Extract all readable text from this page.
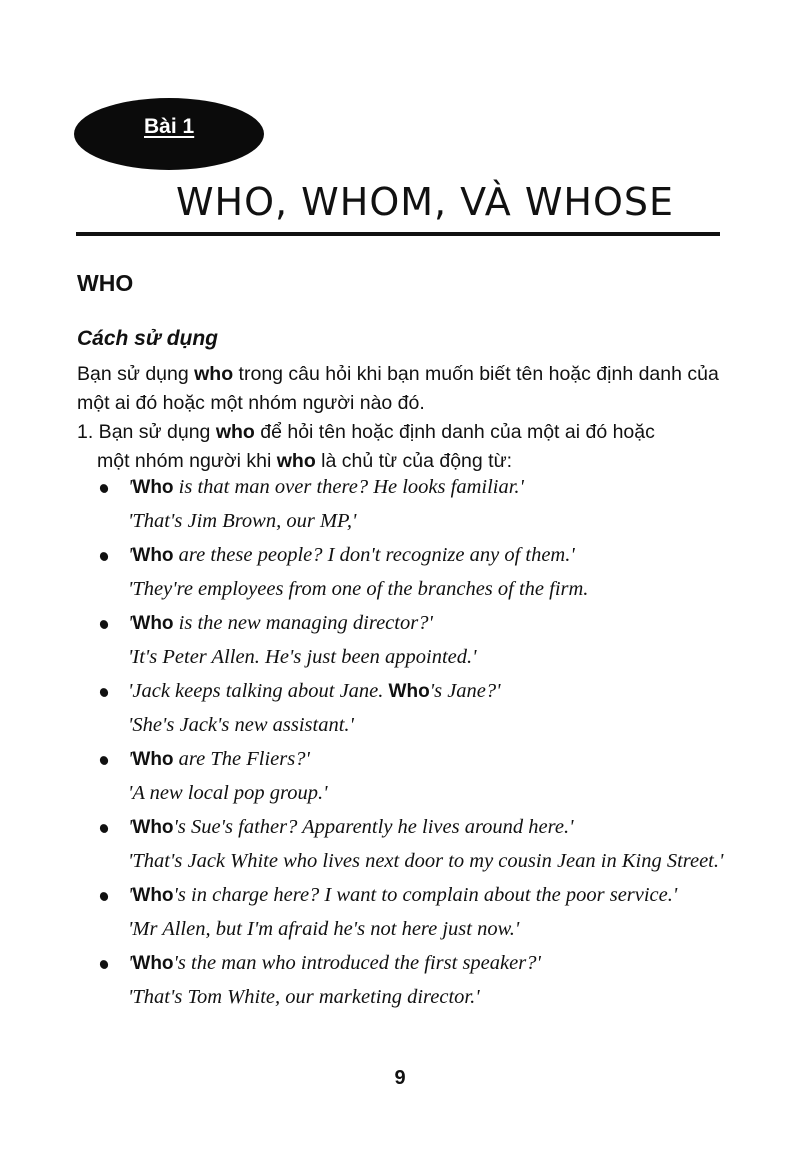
Bài 1
WHO, WHOM, VÀ WHOSE
WHO
Cách sử dụng
Bạn sử dụng who trong câu hỏi khi bạn muốn biết tên hoặc định danh của một ai đó hoặc một nhóm người nào đó.
1. Bạn sử dụng who để hỏi tên hoặc định danh của một ai đó hoặc
một nhóm người khi who là chủ từ của động từ:

'Who is that man over there? He looks familiar.'

'That's Jim Brown, our MP,'

'Who are these people? I don't recognize any of them.'

'They're employees from one of the branches of the firm.

'Who is the new managing director?'

'It's Peter Allen. He's just been appointed.'

'Jack keeps talking about Jane. Who's Jane?'

'She's Jack's new assistant.'

'Who are The Fliers?'

'A new local pop group.'

'Who's Sue's father? Apparently he lives around here.'

'That's Jack White who lives next door to my cousin Jean in King Street.'

'Who's in charge here? I want to complain about the poor service.'

'Mr Allen, but I'm afraid he's not here just now.'

'Who's the man who introduced the first speaker?'

'That's Tom White, our marketing director.'

9
